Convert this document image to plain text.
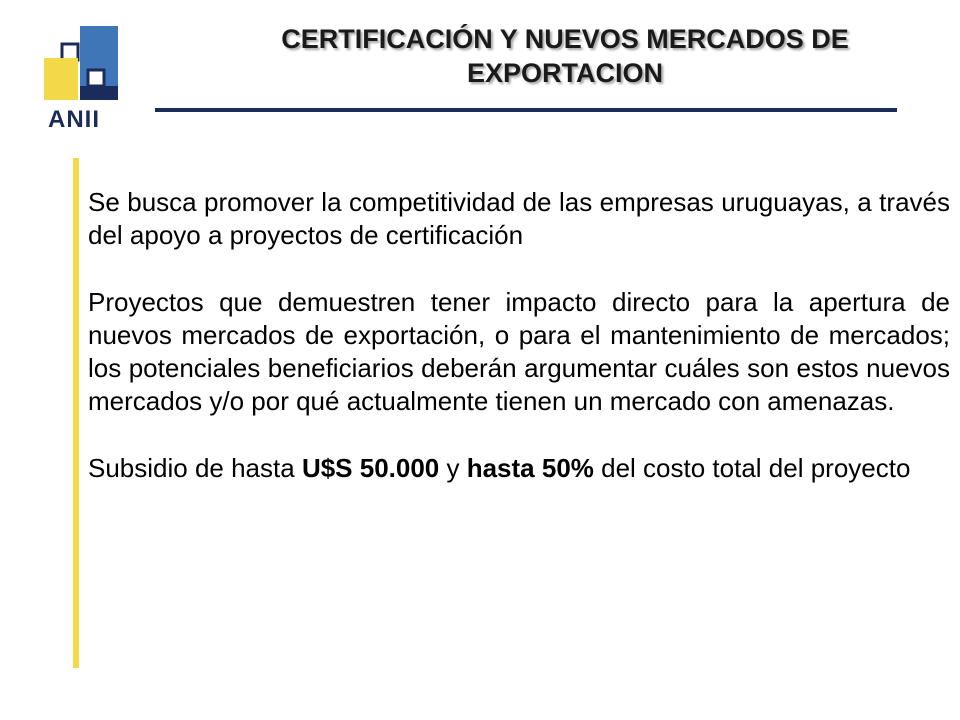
ANII
CERTIFICACIÓN Y NUEVOS MERCADOS DE
EXPORTACION

Se busca promover la competitividad de las empresas uruguayas, a través del apoyo a proyectos de certificación

Proyectos que demuestren tener impacto directo para la apertura de nuevos mercados de exportación, o para el mantenimiento de mercados; los potenciales beneficiarios deberán argumentar cuáles son estos nuevos mercados y/o por qué actualmente tienen un mercado con amenazas.

Subsidio de hasta U$S 50.000 y hasta 50% del costo total del proyecto
